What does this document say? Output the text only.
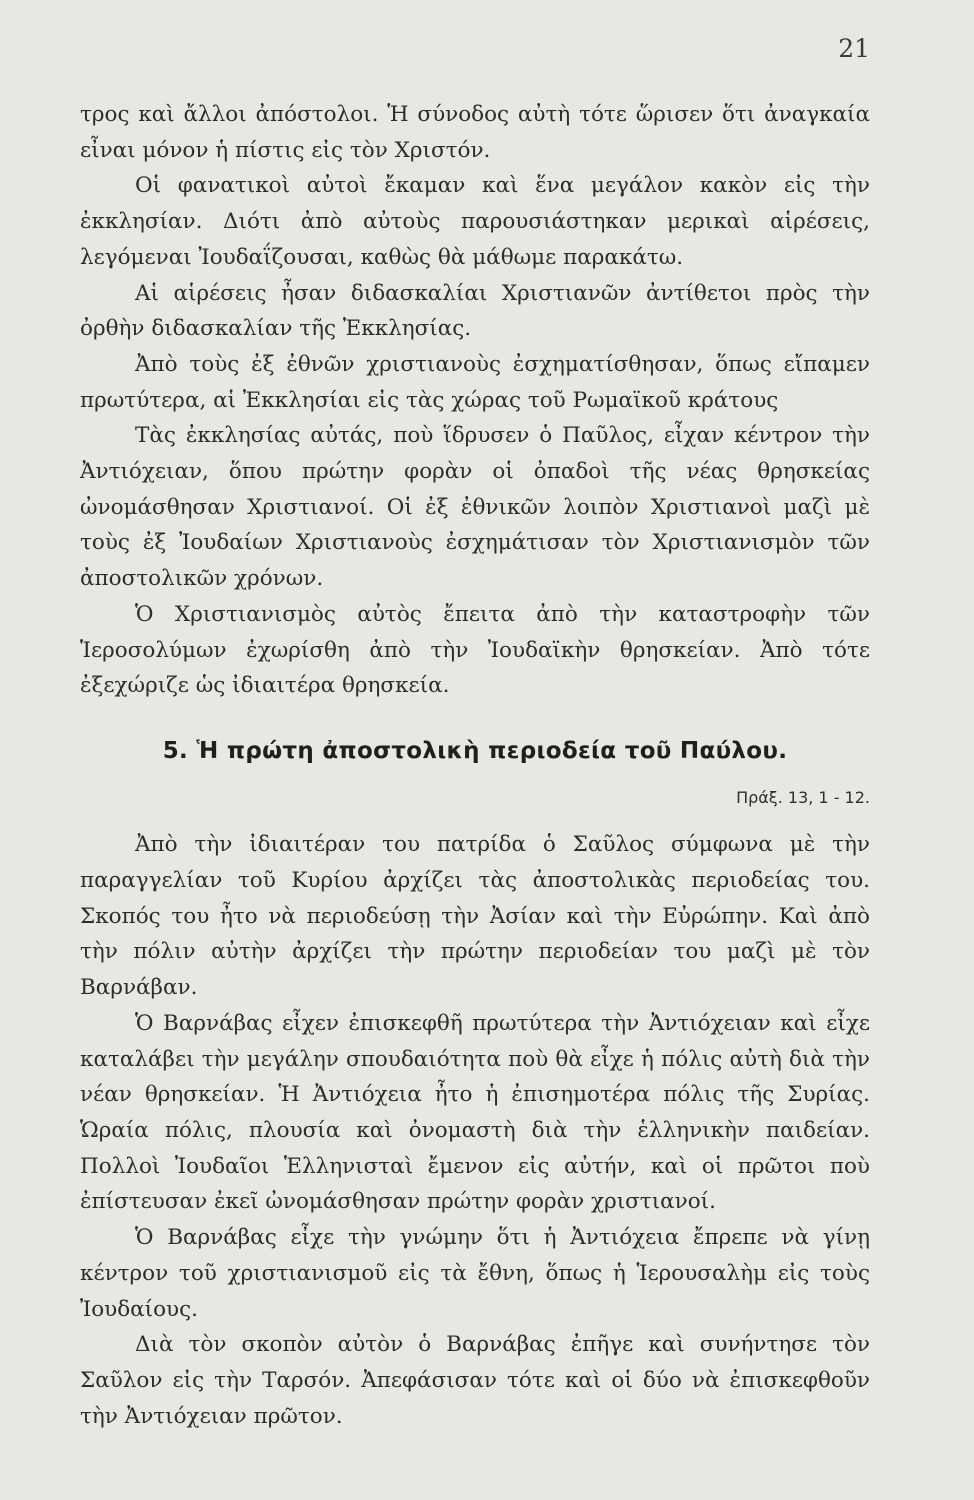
21

τρος καὶ ἄλλοι ἀπόστολοι. Ἡ σύνοδος αὐτὴ τότε ὥρισεν ὅτι ἀναγκαία εἶναι μόνον ἡ πίστις εἰς τὸν Χριστόν.

Οἱ φανατικοὶ αὐτοὶ ἔκαμαν καὶ ἕνα μεγάλον κακὸν εἰς τὴν ἐκκλησίαν. Διότι ἀπὸ αὐτοὺς παρουσιάστηκαν μερικαὶ αἱρέσεις, λεγόμεναι Ἰουδαΐζουσαι, καθὼς θὰ μάθωμε παρακάτω.

Αἱ αἱρέσεις ἦσαν διδασκαλίαι Χριστιανῶν ἀντίθετοι πρὸς τὴν ὀρθὴν διδασκαλίαν τῆς Ἐκκλησίας.

Ἀπὸ τοὺς ἐξ ἐθνῶν χριστιανοὺς ἐσχηματίσθησαν, ὅπως εἴπαμεν πρωτύτερα, αἱ Ἐκκλησίαι εἰς τὰς χώρας τοῦ Ρωμαϊκοῦ κράτους

Τὰς ἐκκλησίας αὐτάς, ποὺ ἵδρυσεν ὁ Παῦλος, εἶχαν κέντρον τὴν Ἀντιόχειαν, ὅπου πρώτην φορὰν οἱ ὀπαδοὶ τῆς νέας θρησκείας ὠνομάσθησαν Χριστιανοί. Οἱ ἐξ ἐθνικῶν λοιπὸν Χριστιανοὶ μαζὶ μὲ τοὺς ἐξ Ἰουδαίων Χριστιανοὺς ἐσχημάτισαν τὸν Χριστιανισμὸν τῶν ἀποστολικῶν χρόνων.

Ὁ Χριστιανισμὸς αὐτὸς ἔπειτα ἀπὸ τὴν καταστροφὴν τῶν Ἱεροσολύμων ἐχωρίσθη ἀπὸ τὴν Ἰουδαϊκὴν θρησκείαν. Ἀπὸ τότε ἐξεχώριζε ὡς ἰδιαιτέρα θρησκεία.

5. Ἡ πρώτη ἀποστολικὴ περιοδεία τοῦ Παύλου.
Πράξ. 13, 1 - 12.

Ἀπὸ τὴν ἰδιαιτέραν του πατρίδα ὁ Σαῦλος σύμφωνα μὲ τὴν παραγγελίαν τοῦ Κυρίου ἀρχίζει τὰς ἀποστολικὰς περιοδείας του. Σκοπός του ἦτο νὰ περιοδεύσῃ τὴν Ἀσίαν καὶ τὴν Εὐρώπην. Καὶ ἀπὸ τὴν πόλιν αὐτὴν ἀρχίζει τὴν πρώτην περιοδείαν του μαζὶ μὲ τὸν Βαρνάβαν.

Ὁ Βαρνάβας εἶχεν ἐπισκεφθῆ πρωτύτερα τὴν Ἀντιόχειαν καὶ εἶχε καταλάβει τὴν μεγάλην σπουδαιότητα ποὺ θὰ εἶχε ἡ πόλις αὐτὴ διὰ τὴν νέαν θρησκείαν. Ἡ Ἀντιόχεια ἦτο ἡ ἐπισημοτέρα πόλις τῆς Συρίας. Ὡραία πόλις, πλουσία καὶ ὀνομαστὴ διὰ τὴν ἑλληνικὴν παιδείαν. Πολλοὶ Ἰουδαῖοι Ἑλληνισταὶ ἔμενον εἰς αὐτήν, καὶ οἱ πρῶτοι ποὺ ἐπίστευσαν ἐκεῖ ὠνομάσθησαν πρώτην φορὰν χριστιανοί.

Ὁ Βαρνάβας εἶχε τὴν γνώμην ὅτι ἡ Ἀντιόχεια ἔπρεπε νὰ γίνῃ κέντρον τοῦ χριστιανισμοῦ εἰς τὰ ἔθνη, ὅπως ἡ Ἱερουσαλὴμ εἰς τοὺς Ἰουδαίους.

Διὰ τὸν σκοπὸν αὐτὸν ὁ Βαρνάβας ἐπῆγε καὶ συνήντησε τὸν Σαῦλον εἰς τὴν Ταρσόν. Ἀπεφάσισαν τότε καὶ οἱ δύο νὰ ἐπισκεφθοῦν τὴν Ἀντιόχειαν πρῶτον.
